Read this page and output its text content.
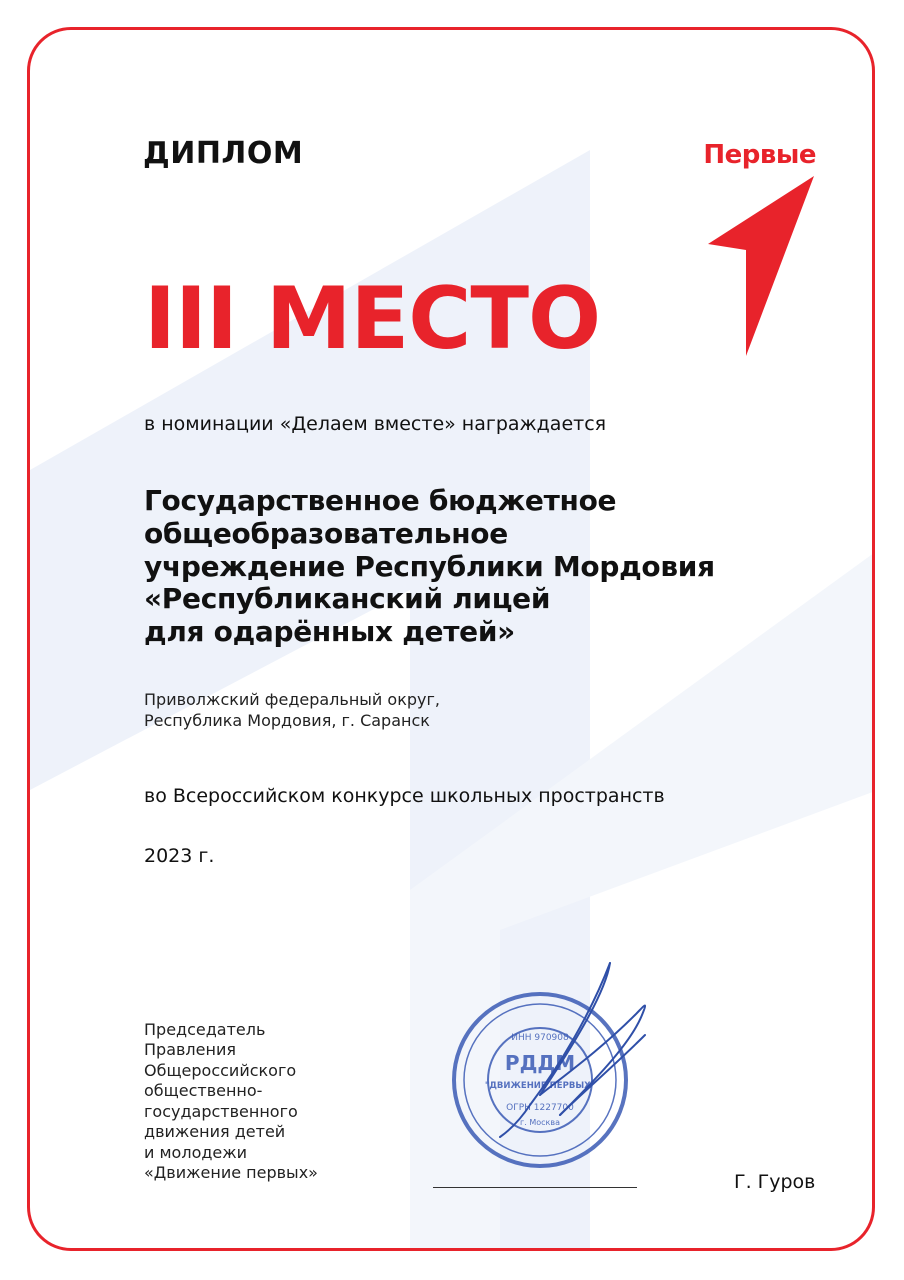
ДИПЛОМ	Первые
III МЕСТО
в номинации «Делаем вместе» награждается
Государственное бюджетное
общеобразовательное
учреждение Республики Мордовия
«Республиканский лицей
для одарённых детей»
Приволжский федеральный округ,
Республика Мордовия, г. Саранск
во Всероссийском конкурсе школьных пространств
2023 г.
Председатель
Правления
Общероссийского
общественно-
государственного
движения детей
и молодежи
«Движение первых»
ИНН 970908
РДДМ
"ДВИЖЕНИЕ ПЕРВЫХ"
ОГРН 1227700
г. Москва
Г. Гуров
